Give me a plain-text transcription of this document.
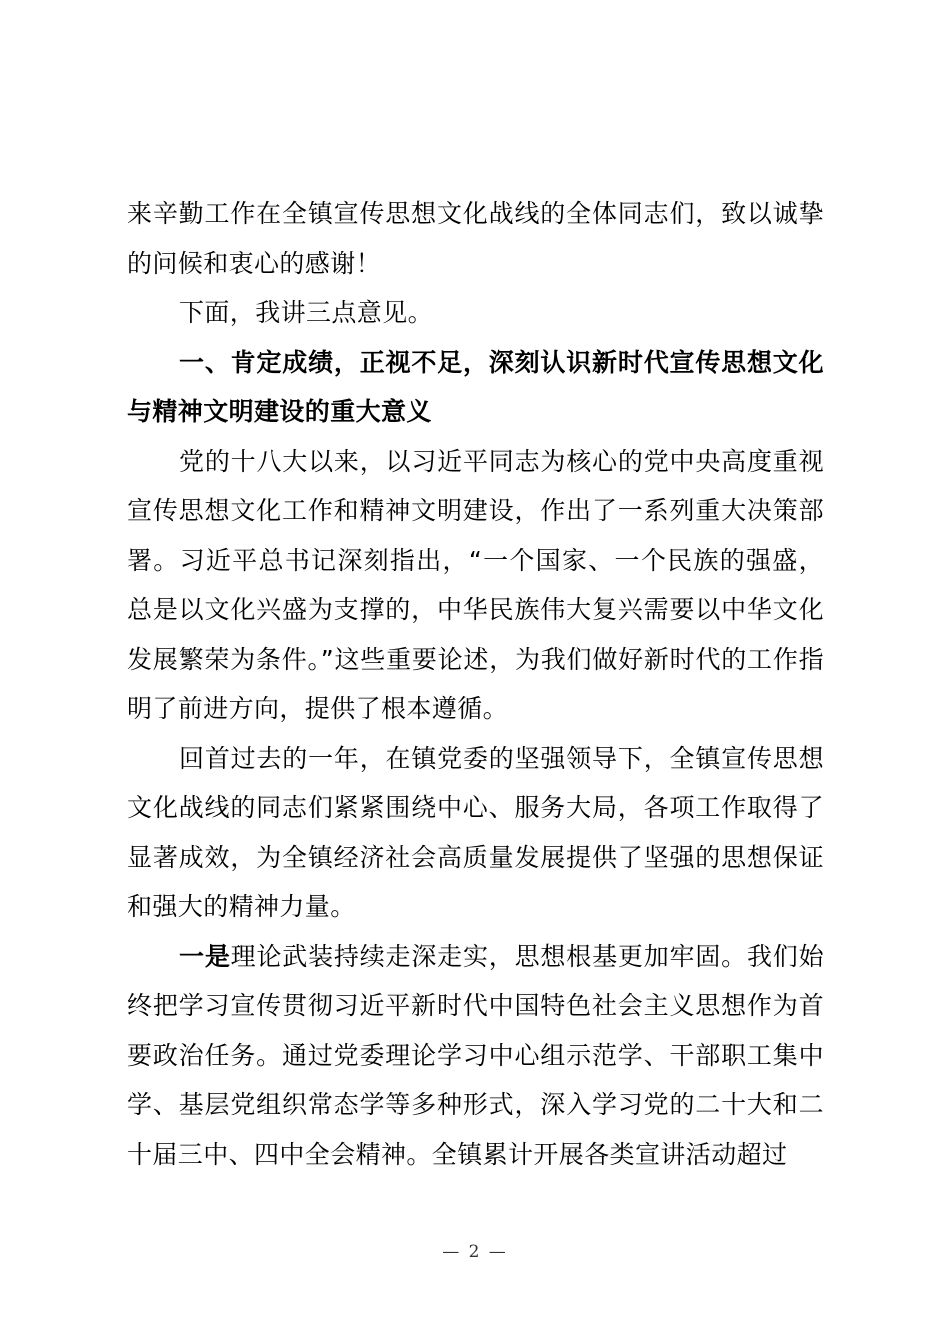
来辛勤工作在全镇宣传思想文化战线的全体同志们，致以诚挚的问候和衷心的感谢！

下面，我讲三点意见。

一、肯定成绩，正视不足，深刻认识新时代宣传思想文化与精神文明建设的重大意义

党的十八大以来，以习近平同志为核心的党中央高度重视宣传思想文化工作和精神文明建设，作出了一系列重大决策部署。习近平总书记深刻指出，“一个国家、一个民族的强盛，总是以文化兴盛为支撑的，中华民族伟大复兴需要以中华文化发展繁荣为条件。”这些重要论述，为我们做好新时代的工作指明了前进方向，提供了根本遵循。

回首过去的一年，在镇党委的坚强领导下，全镇宣传思想文化战线的同志们紧紧围绕中心、服务大局，各项工作取得了显著成效，为全镇经济社会高质量发展提供了坚强的思想保证和强大的精神力量。

一是理论武装持续走深走实，思想根基更加牢固。我们始终把学习宣传贯彻习近平新时代中国特色社会主义思想作为首要政治任务。通过党委理论学习中心组示范学、干部职工集中学、基层党组织常态学等多种形式，深入学习党的二十大和二十届三中、四中全会精神。全镇累计开展各类宣讲活动超过

— 2 —
